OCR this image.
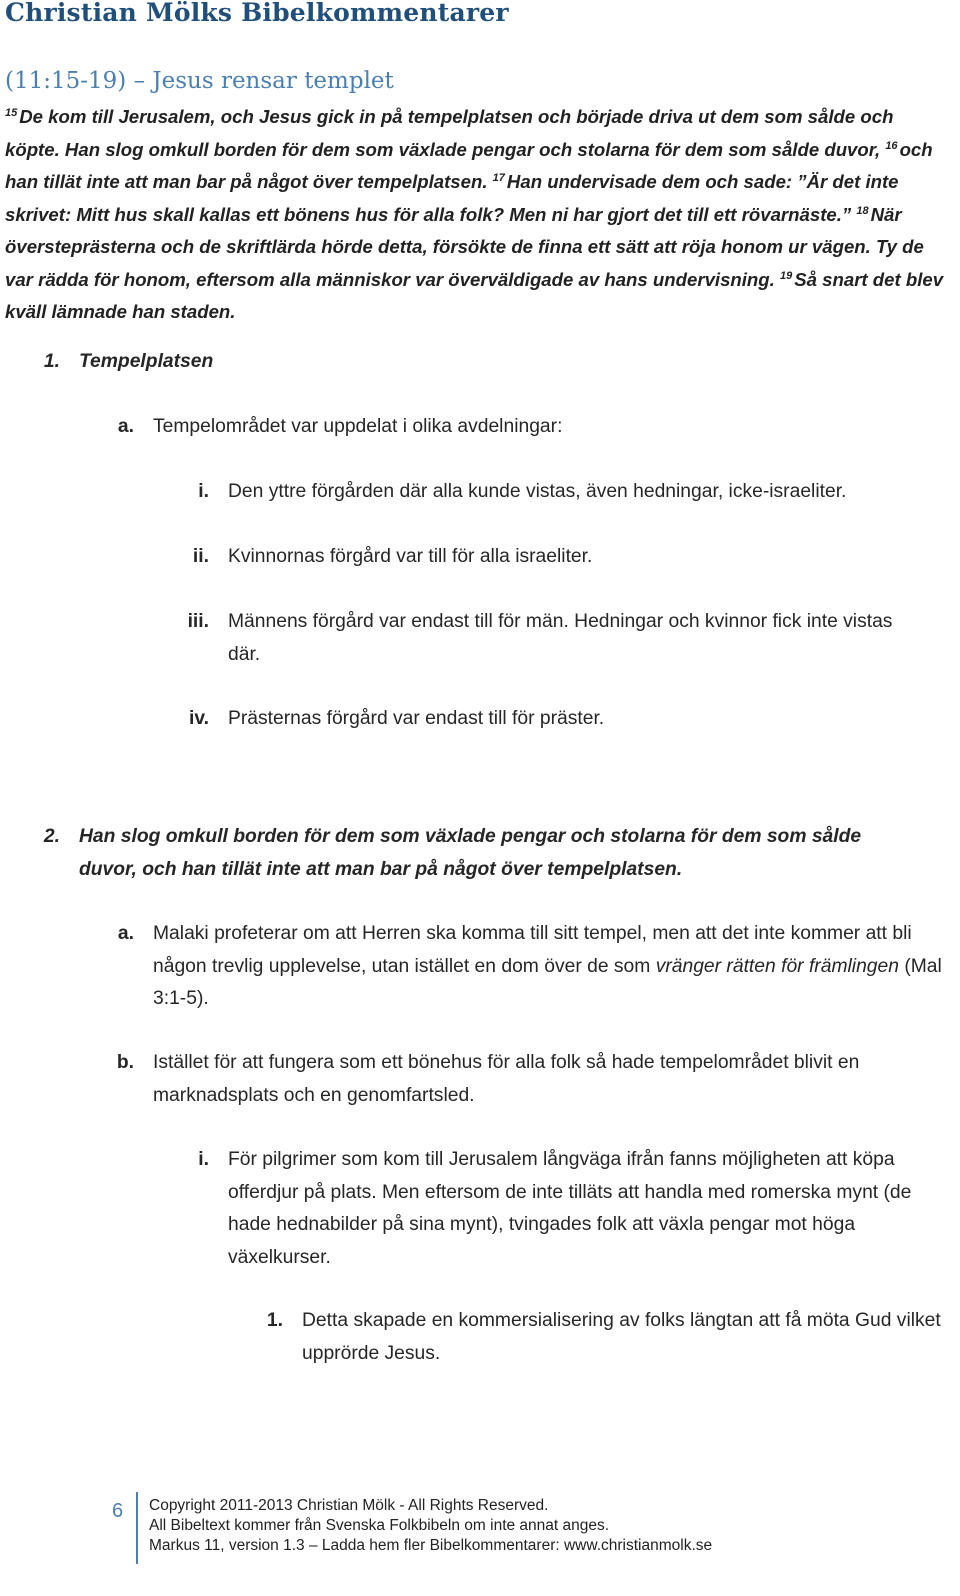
Christian Mölks Bibelkommentarer
(11:15-19) – Jesus rensar templet
$^{15}$ De kom till Jerusalem, och Jesus gick in på tempelplatsen och började driva ut dem som sålde och köpte. Han slog omkull borden för dem som växlade pengar och stolarna för dem som sålde duvor, $^{16}$ och han tillät inte att man bar på något över tempelplatsen. $^{17}$ Han undervisade dem och sade: ”Är det inte skrivet: Mitt hus skall kallas ett bönens hus för alla folk? Men ni har gjort det till ett rövarnäste.” $^{18}$ När översteprästerna och de skriftlärda hörde detta, försökte de finna ett sätt att röja honom ur vägen. Ty de var rädda för honom, eftersom alla människor var överväldigade av hans undervisning. $^{19}$ Så snart det blev kväll lämnade han staden.
1. Tempelplatsen
a. Tempelområdet var uppdelat i olika avdelningar:
i. Den yttre förgården där alla kunde vistas, även hedningar, icke-israeliter.
ii. Kvinnornas förgård var till för alla israeliter.
iii. Männens förgård var endast till för män. Hedningar och kvinnor fick inte vistas där.
iv. Prästernas förgård var endast till för präster.
2. Han slog omkull borden för dem som växlade pengar och stolarna för dem som sålde duvor, och han tillät inte att man bar på något över tempelplatsen.
a. Malaki profeterar om att Herren ska komma till sitt tempel, men att det inte kommer att bli någon trevlig upplevelse, utan istället en dom över de som vränger rätten för främlingen (Mal 3:1-5).
b. Istället för att fungera som ett bönehus för alla folk så hade tempelområdet blivit en marknadsplats och en genomfartsled.
i. För pilgrimer som kom till Jerusalem långväga ifrån fanns möjligheten att köpa offerdjur på plats. Men eftersom de inte tilläts att handla med romerska mynt (de hade hednabilder på sina mynt), tvingades folk att växla pengar mot höga växelkurser.
1. Detta skapade en kommersialisering av folks längtan att få möta Gud vilket upprörde Jesus.
6 Copyright 2011-2013 Christian Mölk - All Rights Reserved.
All Bibeltext kommer från Svenska Folkbibeln om inte annat anges.
Markus 11, version 1.3 – Ladda hem fler Bibelkommentarer: www.christianmolk.se
